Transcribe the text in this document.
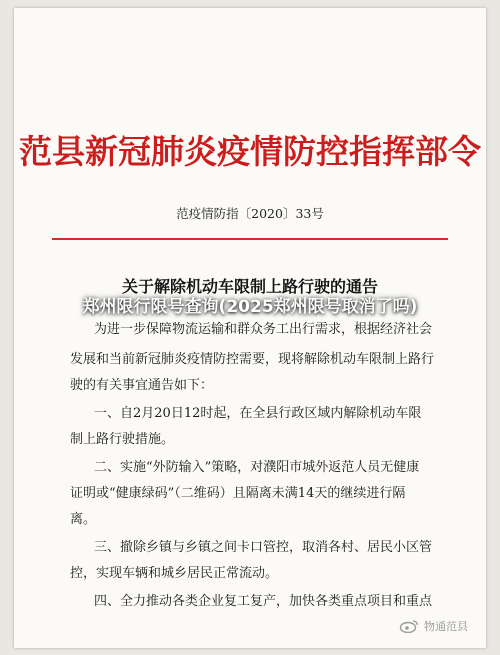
范县新冠肺炎疫情防控指挥部令
范疫情防指〔2020〕33号
关于解除机动车限制上路行驶的通告
为进一步保障物流运输和群众务工出行需求，根据经济社会
发展和当前新冠肺炎疫情防控需要，现将解除机动车限制上路行
驶的有关事宜通告如下：
一、自2月20日12时起，在全县行政区域内解除机动车限
制上路行驶措施。
二、实施“外防输入”策略，对濮阳市城外返范人员无健康
证明或“健康绿码”（二维码）且隔离未满14天的继续进行隔
离。
三、撤除乡镇与乡镇之间卡口管控，取消各村、居民小区管
控，实现车辆和城乡居民正常流动。
四、全力推动各类企业复工复产，加快各类重点项目和重点
物通范县
郑州限行限号查询(2025郑州限号取消了吗)
